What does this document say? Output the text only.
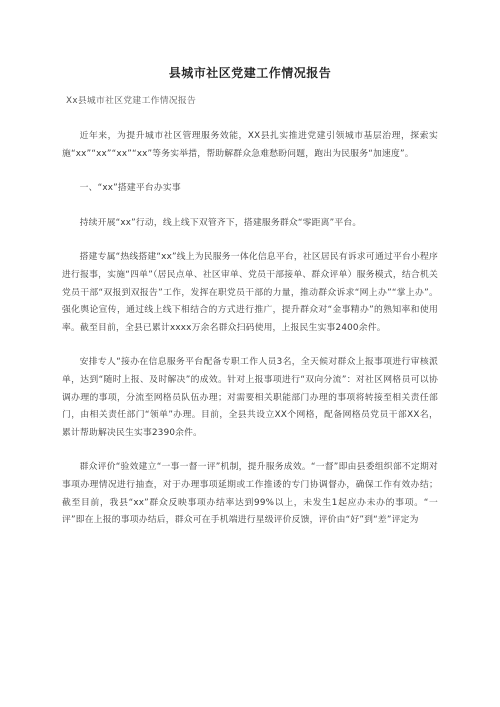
县城市社区党建工作情况报告
Xx县城市社区党建工作情况报告
近年来，为提升城市社区管理服务效能，XX县扎实推进党建引领城市基层治理，探索实施“xx”“xx”“xx”“xx”等务实举措，帮助解群众急难愁盼问题，跑出为民服务“加速度”。
一、“xx”搭建平台办实事
持续开展“xx”行动，线上线下双管齐下，搭建服务群众“零距离”平台。
搭建专属“热线搭建“xx”线上为民服务一体化信息平台，社区居民有诉求可通过平台小程序进行报事，实施“四单”（居民点单、社区审单、党员干部接单、群众评单）服务模式，结合机关党员干部“双报到双报告”工作，发挥在职党员干部的力量，推动群众诉求“网上办”“掌上办”。强化舆论宣传，通过线上线下相结合的方式进行推广，提升群众对“金事精办”的熟知率和使用率。截至目前，全县已累计xxxx万余名群众扫码使用，上报民生实事2400余件。
安排专人“接办在信息服务平台配备专职工作人员3名，全天候对群众上报事项进行审核派单，达到“随时上报、及时解决”的成效。针对上报事项进行“双向分流”：对社区网格员可以协调办理的事项，分流至网格员队伍办理；对需要相关职能部门办理的事项将转接至相关责任部门，由相关责任部门“领单”办理。目前，全县共设立XX个网格，配备网格员党员干部XX名，累计帮助解决民生实事2390余件。
群众评价“验效建立“一事一督一评”机制，提升服务成效。“一督”即由县委组织部不定期对事项办理情况进行抽查，对于办理事项延期或工作推诿的专门协调督办，确保工作有效办结；截至目前，我县“xx”群众反映事项办结率达到99%以上，未发生1起应办未办的事项。“一评”即在上报的事项办结后，群众可在手机端进行星级评价反馈，评价由“好”到“差”评定为
